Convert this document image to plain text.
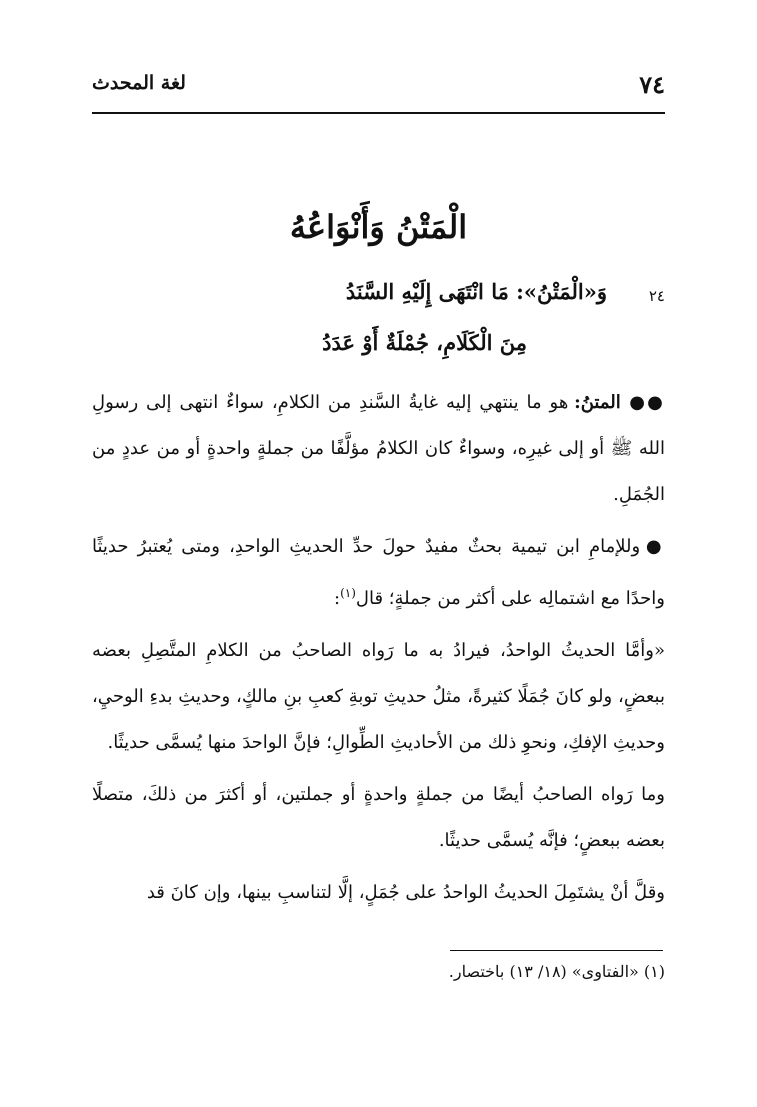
٧٤
لغة المحدث
الْمَتْنُ وَأَنْوَاعُهُ
٢٤
وَ«الْمَتْنُ»: مَا انْتَهَى إِلَيْهِ السَّنَدُ
مِنَ الْكَلَامِ، جُمْلَةٌ أَوْ عَدَدُ

●● المتنُ: هو ما ينتهي إليه غايةُ السَّندِ من الكلامِ، سواءٌ انتهى إلى رسولِ الله ﷺ أو إلى غيرِه، وسواءٌ كان الكلامُ مؤلَّفًا من جملةٍ واحدةٍ أو من عددٍ من الجُمَلِ.

● وللإمامِ ابن تيمية بحثٌ مفيدٌ حولَ حدِّ الحديثِ الواحدِ، ومتى يُعتبرُ حديثًا واحدًا مع اشتمالِه على أكثر من جملةٍ؛ قال$^{(١)}$:

«وأمَّا الحديثُ الواحدُ، فيرادُ به ما رَواه الصاحبُ من الكلامِ المتَّصِلِ بعضه ببعضٍ، ولو كانَ جُمَلًا كثيرةً، مثلُ حديثِ توبةِ كعبِ بنِ مالكٍ، وحديثِ بدءِ الوحيِ، وحديثِ الإفكِ، ونحوِ ذلك من الأحاديثِ الطِّوالِ؛ فإنَّ الواحدَ منها يُسمَّى حديثًا.

وما رَواه الصاحبُ أيضًا من جملةٍ واحدةٍ أو جملتين، أو أكثرَ من ذلكَ، متصلًا بعضه ببعضٍ؛ فإنَّه يُسمَّى حديثًا.

وقلَّ أنْ يشتَمِلَ الحديثُ الواحدُ على جُمَلٍ، إلَّا لتناسبِ بينها، وإن كانَ قد

(١) «الفتاوى» (١٨/ ١٣) باختصار.
